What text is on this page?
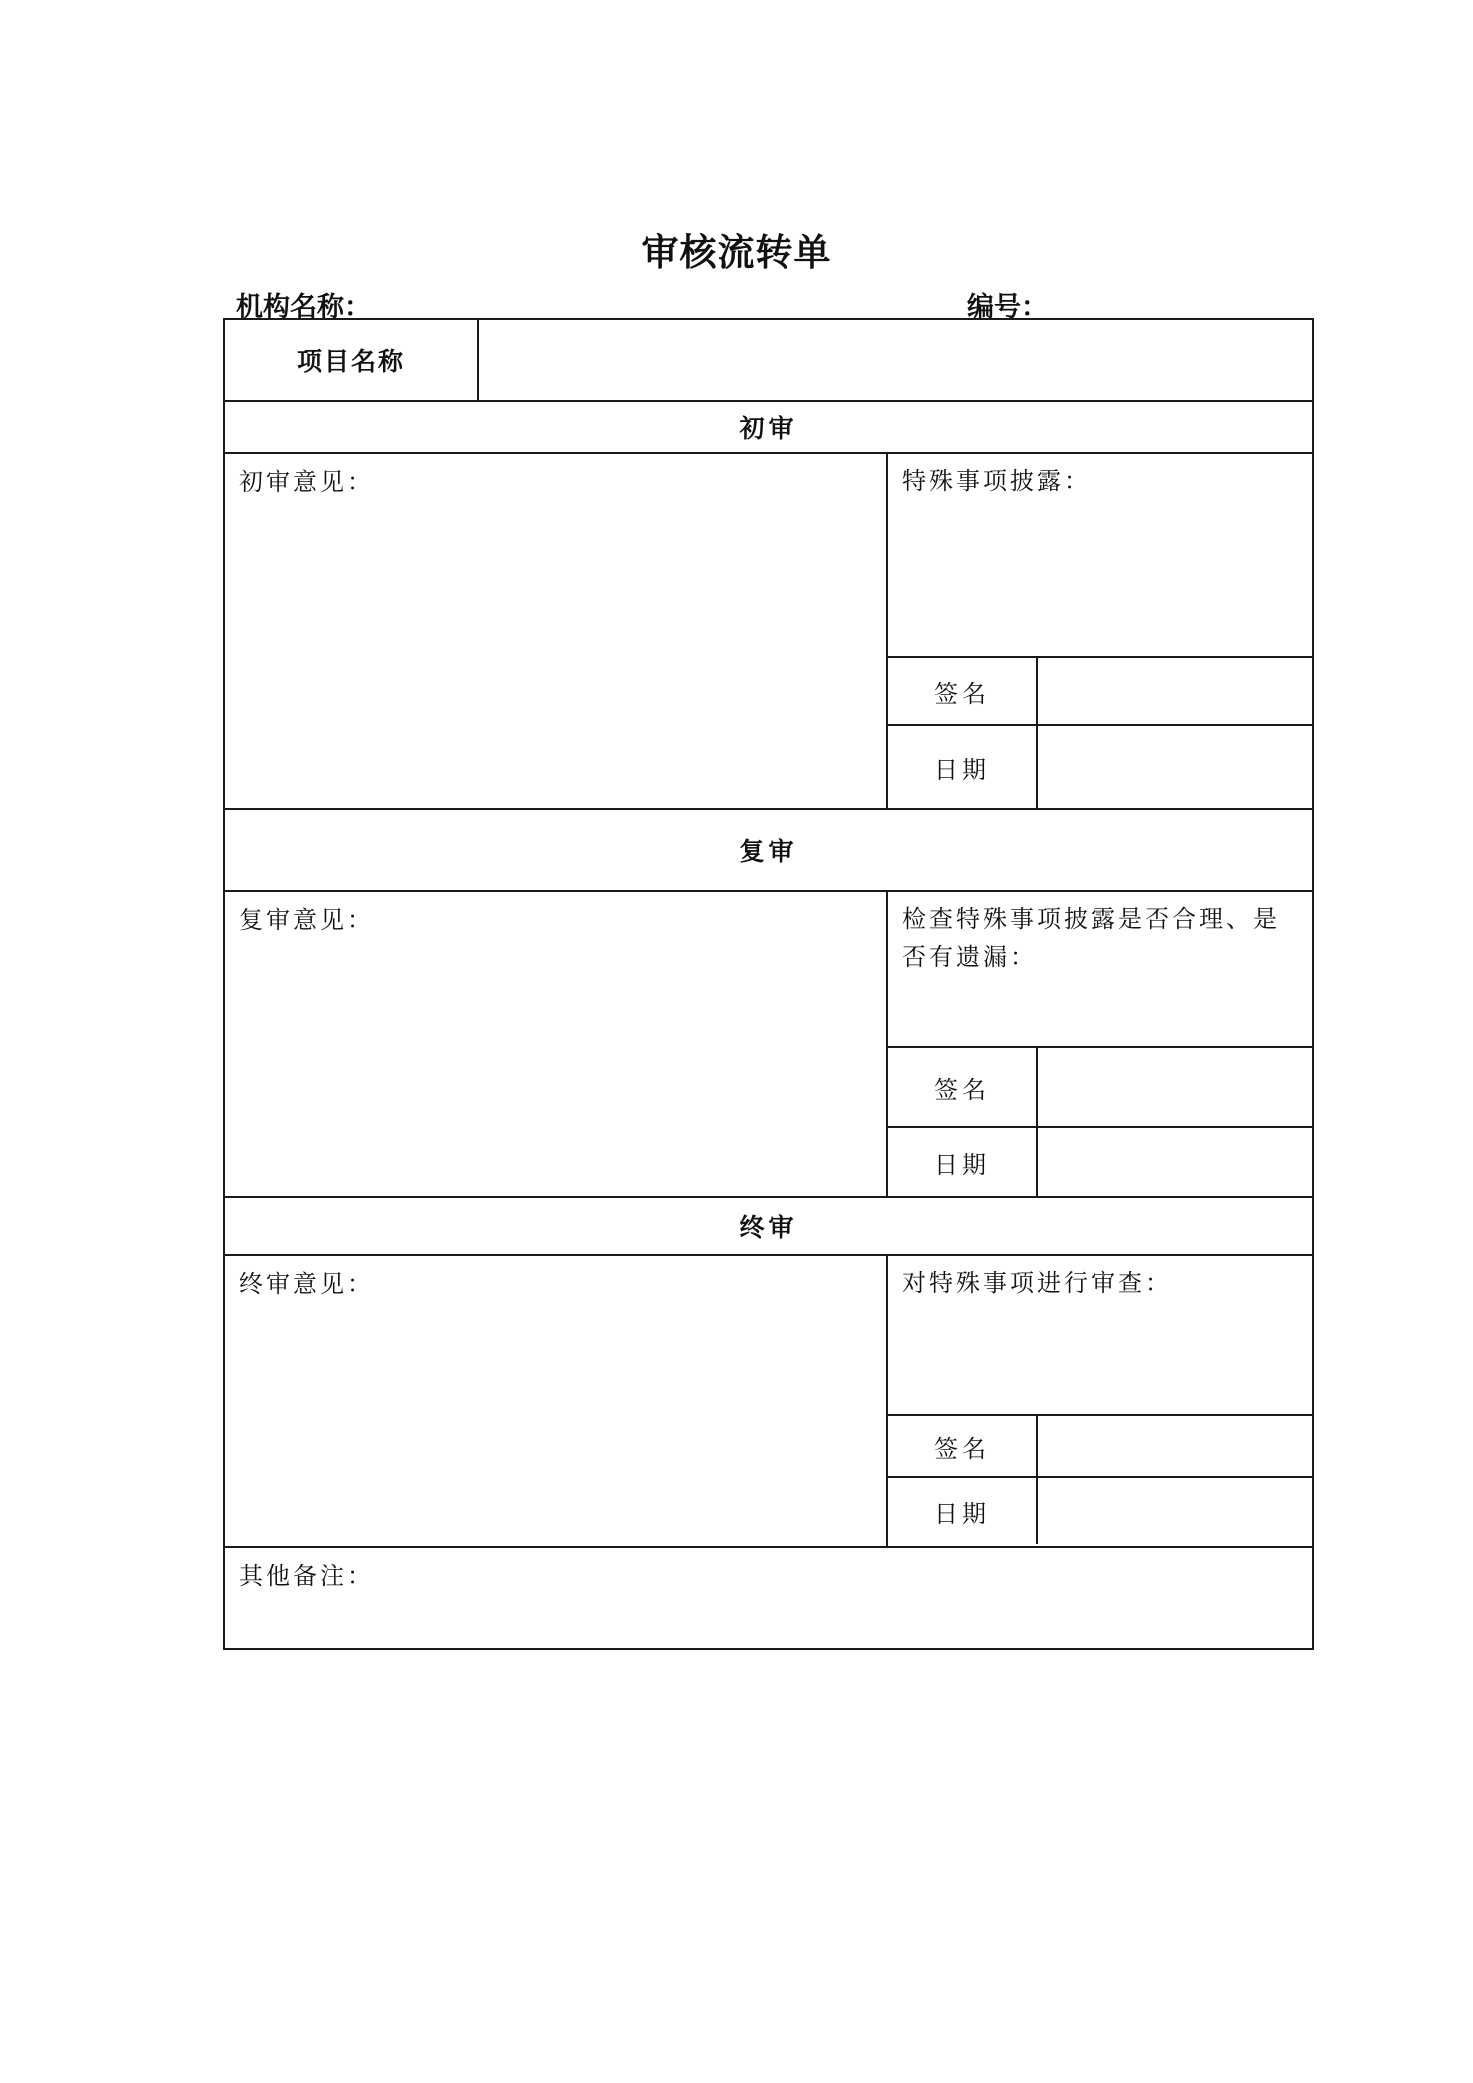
审核流转单
机构名称：	编号：
项目名称
初审
初审意见：	特殊事项披露：
签名
日期
复审
复审意见：	检查特殊事项披露是否合理、是否有遗漏：
签名
日期
终审
终审意见：	对特殊事项进行审查：
签名
日期
其他备注：
